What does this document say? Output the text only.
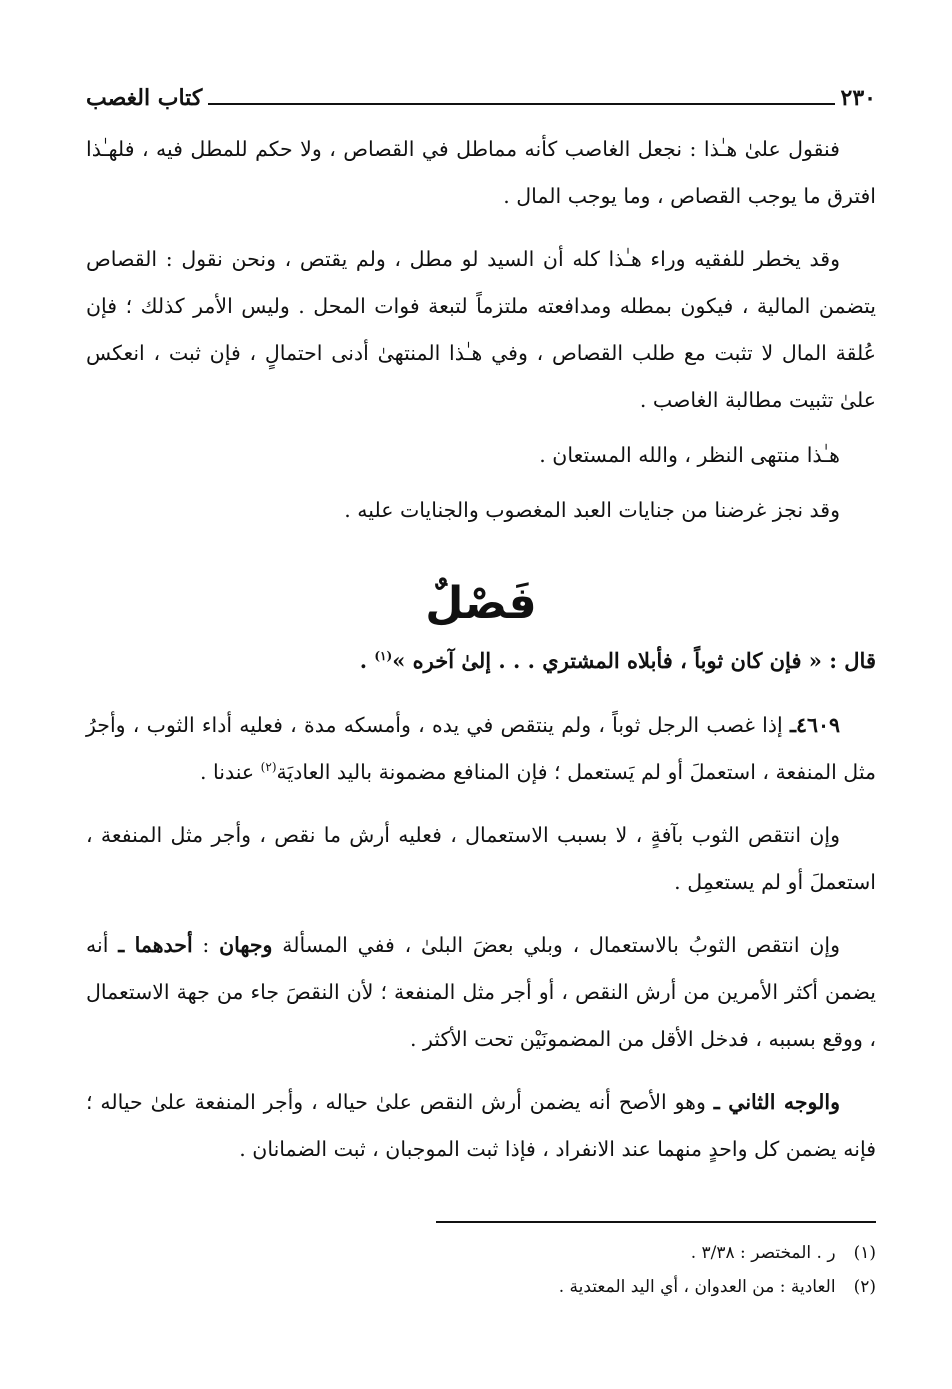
٢٣٠
كتاب الغصب

فنقول علىٰ هـٰذا : نجعل الغاصب كأنه مماطل في القصاص ، ولا حكم للمطل فيه ، فلهـٰذا افترق ما يوجب القصاص ، وما يوجب المال .

وقد يخطر للفقيه وراء هـٰذا كله أن السيد لو مطل ، ولم يقتص ، ونحن نقول : القصاص يتضمن المالية ، فيكون بمطله ومدافعته ملتزماً لتبعة فوات المحل . وليس الأمر كذلك ؛ فإن عُلقة المال لا تثبت مع طلب القصاص ، وفي هـٰذا المنتهىٰ أدنى احتمالٍ ، فإن ثبت ، انعكس علىٰ تثبيت مطالبة الغاصب .

هـٰذا منتهى النظر ، والله المستعان .

وقد نجز غرضنا من جنايات العبد المغصوب والجنايات عليه .

فَصْلٌ

قال : « فإن كان ثوباً ، فأبلاه المشتري . . . إلىٰ آخره »$^{(١)}$ .

٤٦٠٩ـ إذا غصب الرجل ثوباً ، ولم ينتقص في يده ، وأمسكه مدة ، فعليه أداء الثوب ، وأجرُ مثل المنفعة ، استعملَ أو لم يَستعمل ؛ فإن المنافع مضمونة باليد العاديَة$^{(٢)}$ عندنا .

وإن انتقص الثوب بآفةٍ ، لا بسبب الاستعمال ، فعليه أرش ما نقص ، وأجر مثل المنفعة ، استعملَ أو لم يستعمِل .

وإن انتقص الثوبُ بالاستعمال ، وبلي بعضَ البلىٰ ، ففي المسألة وجهان : أحدهما ـ أنه يضمن أكثر الأمرين من أرش النقص ، أو أجر مثل المنفعة ؛ لأن النقصَ جاء من جهة الاستعمال ، ووقع بسببه ، فدخل الأقل من المضمونَيْن تحت الأكثر .

والوجه الثاني ـ وهو الأصح أنه يضمن أرش النقص علىٰ حياله ، وأجر المنفعة علىٰ حياله ؛ فإنه يضمن كل واحدٍ منهما عند الانفراد ، فإذا ثبت الموجبان ، ثبت الضمانان .

(١)
ر . المختصر : ٣/٣٨ .
(٢)
العادية : من العدوان ، أي اليد المعتدية .
